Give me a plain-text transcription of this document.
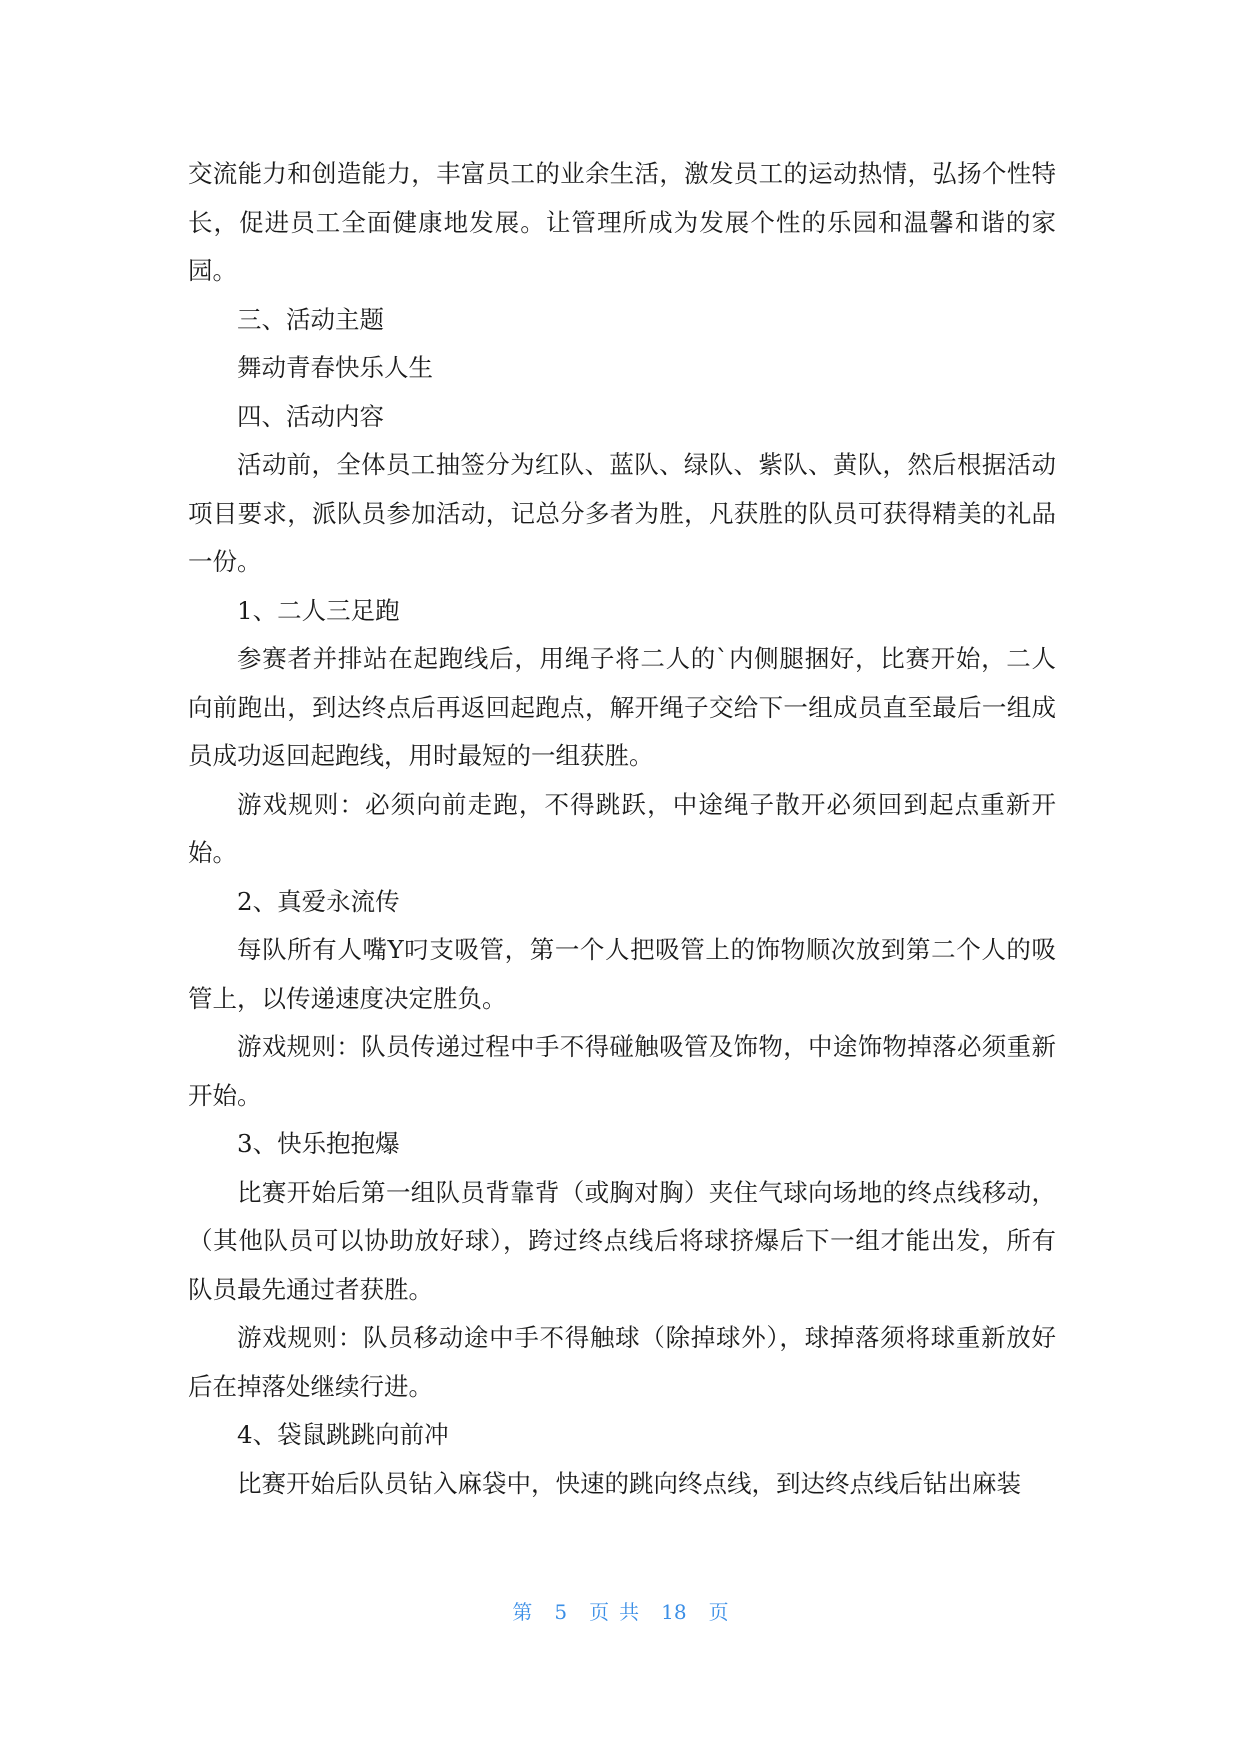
交流能力和创造能力，丰富员工的业余生活，激发员工的运动热情，弘扬个性特长，促进员工全面健康地发展。让管理所成为发展个性的乐园和温馨和谐的家园。

三、活动主题

舞动青春快乐人生

四、活动内容

活动前，全体员工抽签分为红队、蓝队、绿队、紫队、黄队，然后根据活动项目要求，派队员参加活动，记总分多者为胜，凡获胜的队员可获得精美的礼品一份。

1、二人三足跑

参赛者并排站在起跑线后，用绳子将二人的`内侧腿捆好，比赛开始，二人向前跑出，到达终点后再返回起跑点，解开绳子交给下一组成员直至最后一组成员成功返回起跑线，用时最短的一组获胜。

游戏规则：必须向前走跑，不得跳跃，中途绳子散开必须回到起点重新开始。

2、真爱永流传

每队所有人嘴Y叼支吸管，第一个人把吸管上的饰物顺次放到第二个人的吸管上，以传递速度决定胜负。

游戏规则：队员传递过程中手不得碰触吸管及饰物，中途饰物掉落必须重新开始。

3、快乐抱抱爆

比赛开始后第一组队员背靠背（或胸对胸）夹住气球向场地的终点线移动，（其他队员可以协助放好球），跨过终点线后将球挤爆后下一组才能出发，所有队员最先通过者获胜。

游戏规则：队员移动途中手不得触球（除掉球外），球掉落须将球重新放好后在掉落处继续行进。

4、袋鼠跳跳向前冲

比赛开始后队员钻入麻袋中，快速的跳向终点线，到达终点线后钻出麻装

第 5 页 共 18 页
